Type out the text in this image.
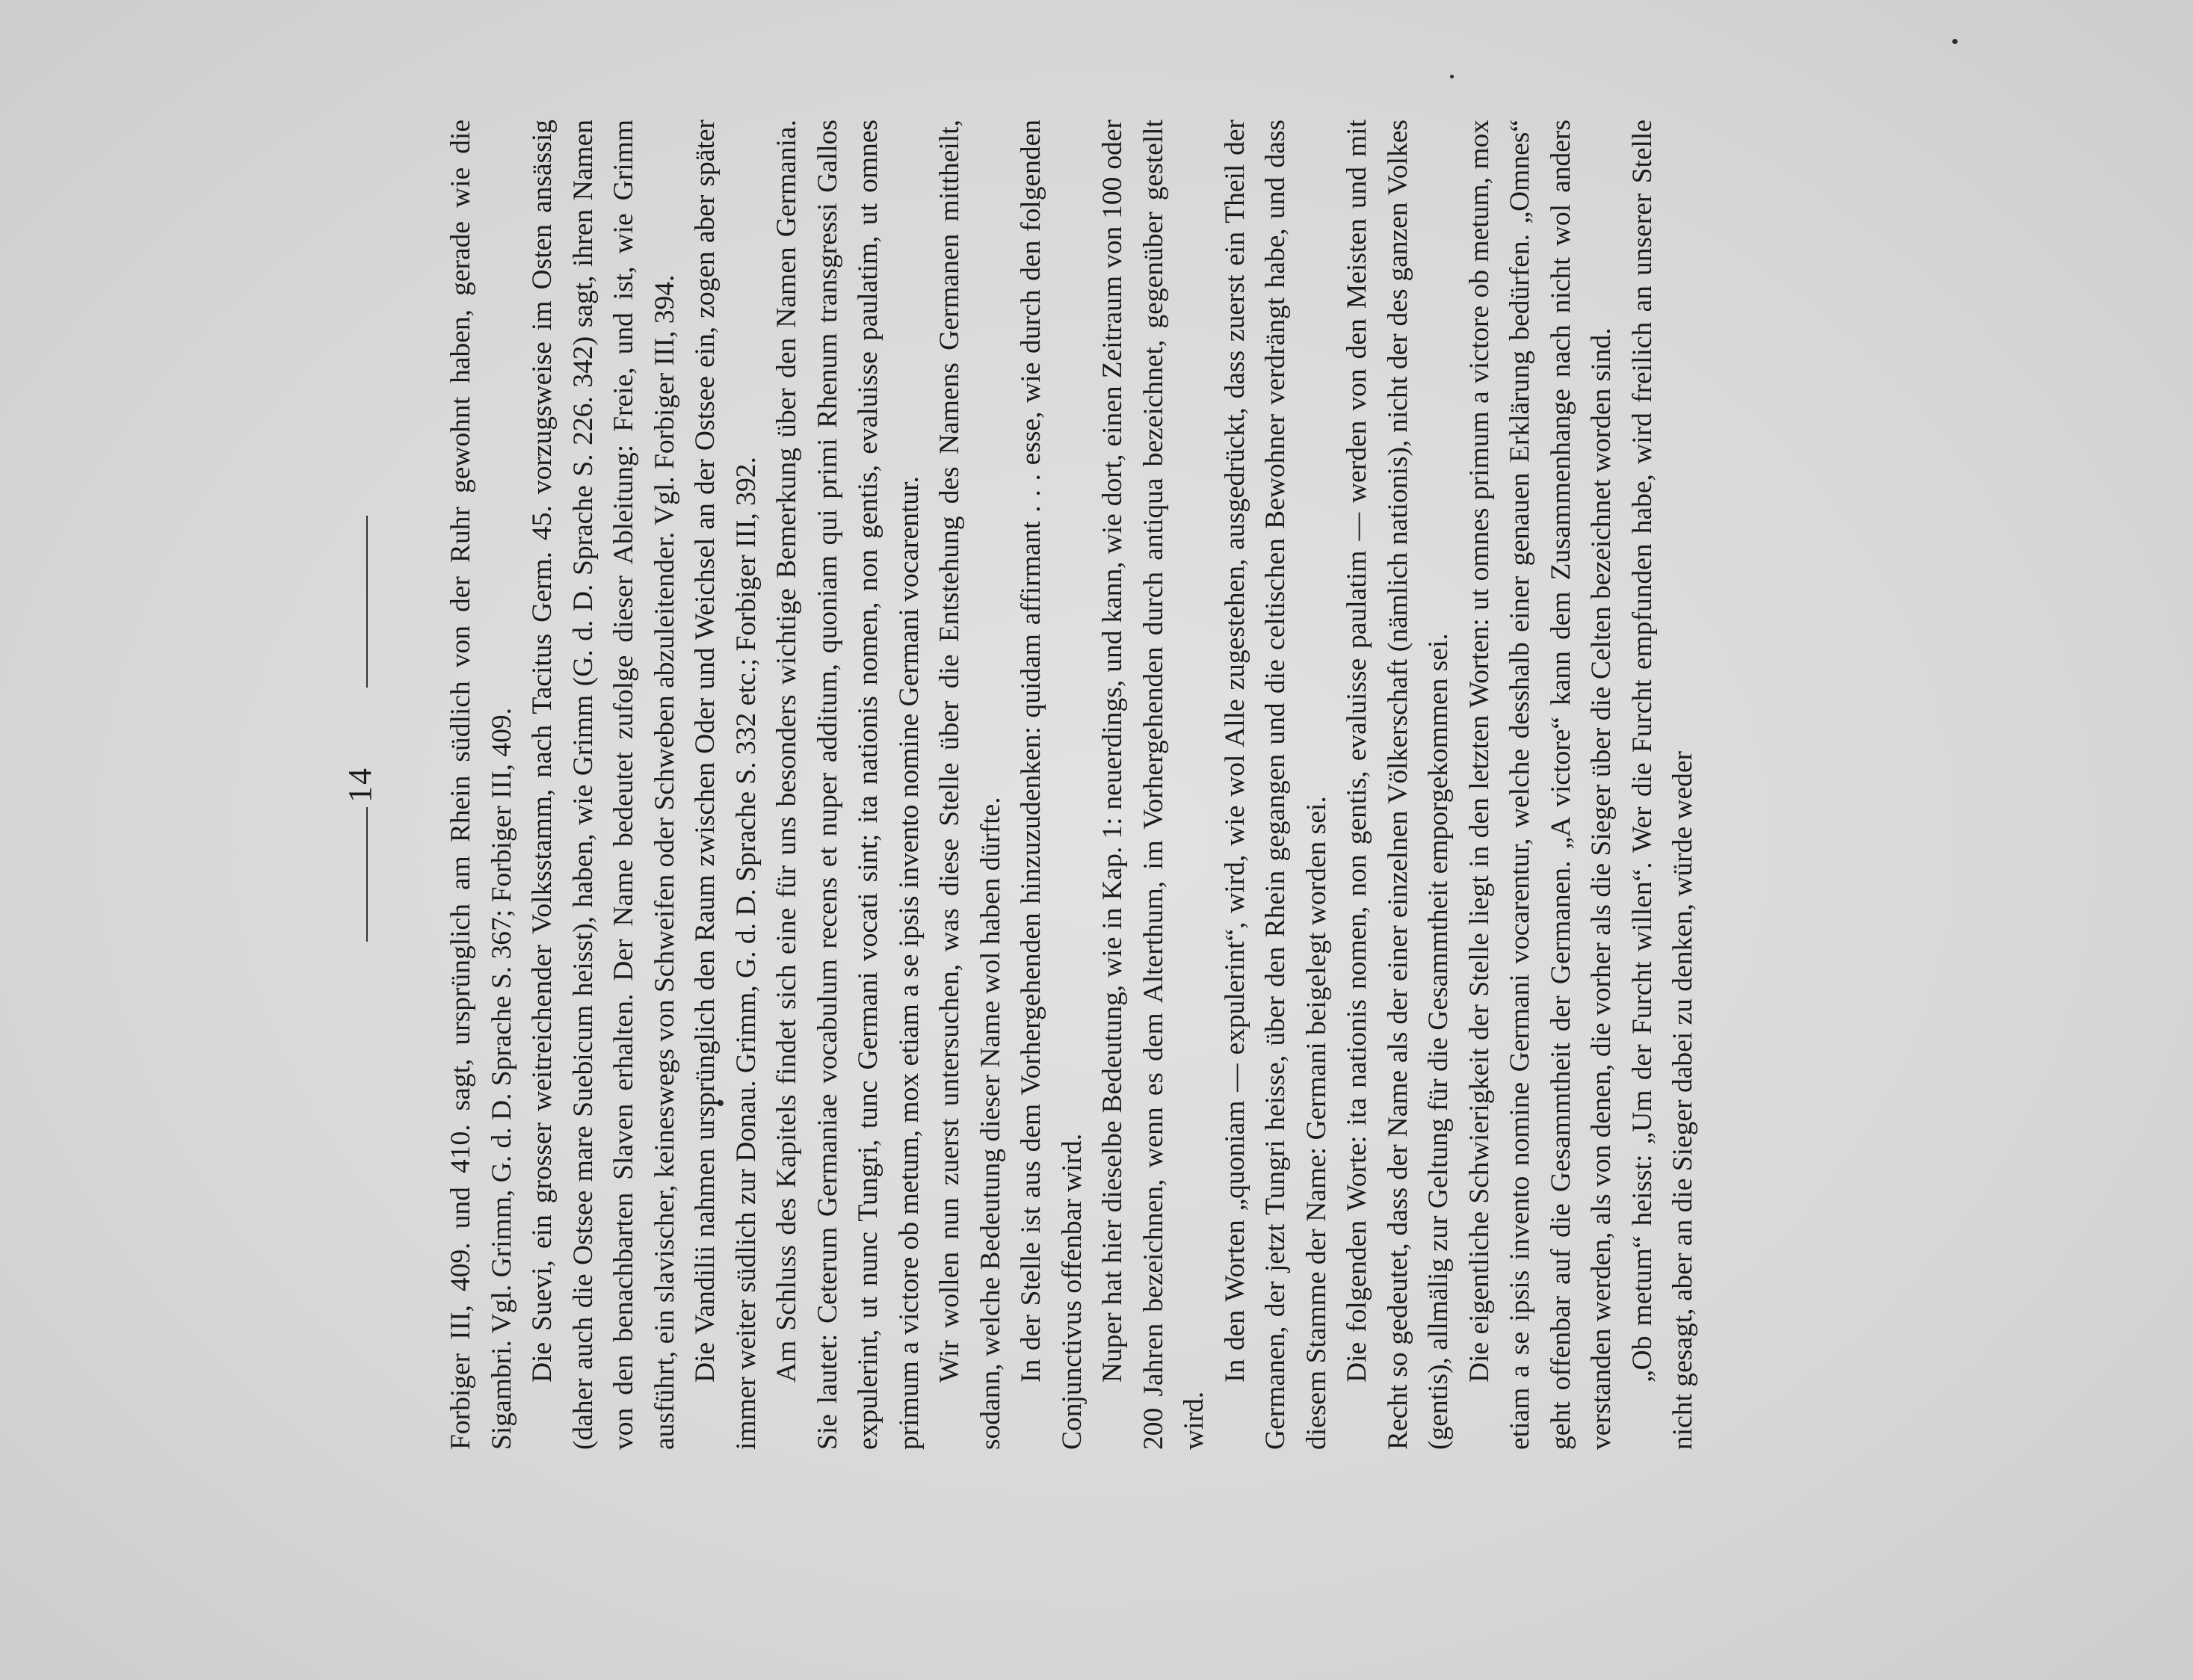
14 Forbiger III, 409. und 410. sagt, ursprünglich am Rhein südlich von der Ruhr gewohnt haben, gerade wie die Sigambri. Vgl. Grimm, G. d. D. Sprache S. 367; Forbiger III, 409. Die Suevi, ein grosser weitreichender Volksstamm, nach Tacitus Germ. 45. vorzugsweise im Osten ansässig (daher auch die Ostsee mare Suebicum heisst), haben, wie Grimm (G. d. D. Sprache S. 226. 342) sagt, ihren Namen von den benachbarten Slaven erhalten. Der Name bedeutet zufolge dieser Ableitung: Freie, und ist, wie Grimm ausführt, ein slavischer, keineswegs von Schweifen oder Schweben abzuleitender. Vgl. Forbiger III, 394. Die Vandilii nahmen ursprünglich den Raum zwischen Oder und Weichsel an der Ostsee ein, zogen aber später immer weiter südlich zur Donau. Grimm, G. d. D. Sprache S. 332 etc.; Forbiger III, 392. Am Schluss des Kapitels findet sich eine für uns besonders wichtige Bemerkung über den Namen Germania. Sie lautet: Ceterum Germaniae vocabulum recens et nuper additum, quoniam qui primi Rhenum transgressi Gallos expulerint, ut nunc Tungri, tunc Germani vocati sint; ita nationis nomen, non gentis, evaluisse paulatim, ut omnes primum a victore ob metum, mox etiam a se ipsis invento nomine Germani vocarentur. Wir wollen nun zuerst untersuchen, was diese Stelle über die Entstehung des Namens Germanen mittheilt, sodann, welche Bedeutung dieser Name wol haben dürfte. In der Stelle ist aus dem Vorhergehenden hinzuzudenken: quidam affirmant . . . esse, wie durch den folgenden Conjunctivus offenbar wird. Nuper hat hier dieselbe Bedeutung, wie in Kap. 1: neuerdings, und kann, wie dort, einen Zeitraum von 100 oder 200 Jahren bezeichnen, wenn es dem Alterthum, im Vorhergehenden durch antiqua bezeichnet, gegenüber gestellt wird.

In den Worten „quoniam — expulerint“, wird, wie wol Alle zugestehen, ausgedrückt, dass zuerst ein Theil der Germanen, der jetzt Tungri heisse, über den Rhein gegangen und die celtischen Bewohner verdrängt habe, und dass diesem Stamme der Name: Germani beigelegt worden sei. Die folgenden Worte: ita nationis nomen, non gentis, evaluisse paulatim — werden von den Meisten und mit Recht so gedeutet, dass der Name als der einer einzelnen Völkerschaft (nämlich nationis), nicht der des ganzen Volkes (gentis), allmälig zur Geltung für die Gesammtheit emporgekommen sei. Die eigentliche Schwierigkeit der Stelle liegt in den letzten Worten: ut omnes primum a victore ob metum, mox etiam a se ipsis invento nomine Germani vocarentur, welche desshalb einer genauen Erklärung bedürfen. „Omnes“ geht offenbar auf die Gesammtheit der Germanen. „A victore“ kann dem Zusammenhange nach nicht wol anders verstanden werden, als von denen, die vorher als die Sieger über die Celten bezeichnet worden sind. „Ob metum“ heisst: „Um der Furcht willen“. Wer die Furcht empfunden habe, wird freilich an unserer Stelle nicht gesagt, aber an die Sieger dabei zu denken, würde weder
